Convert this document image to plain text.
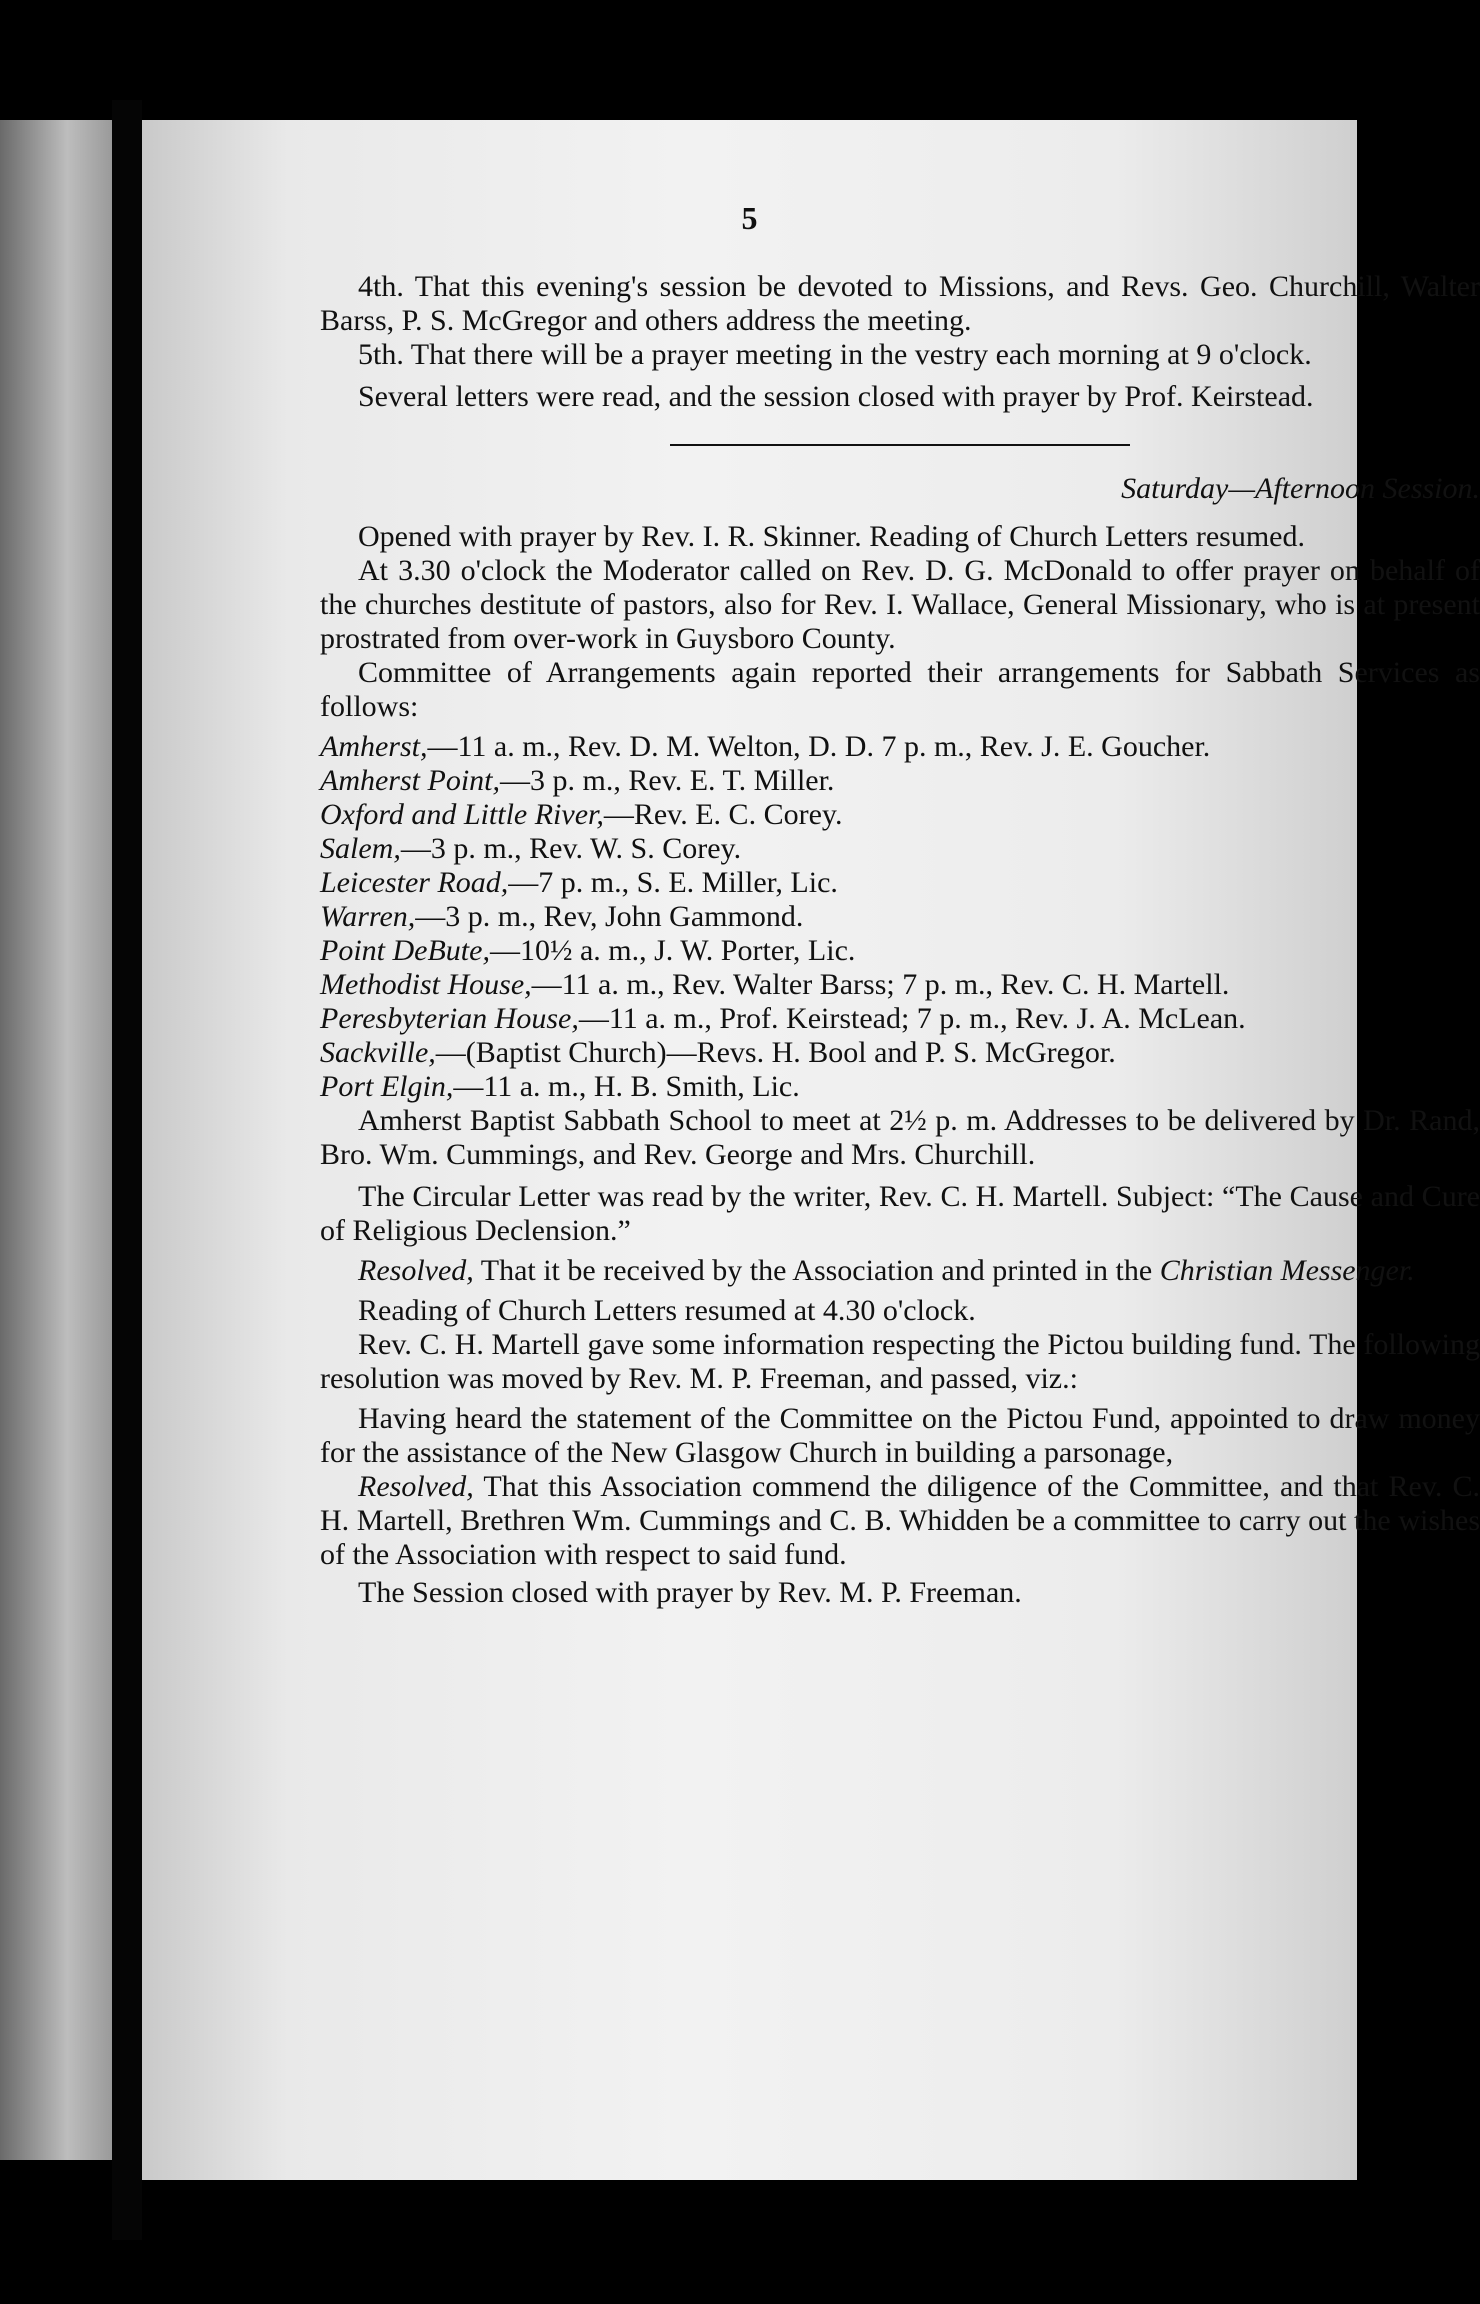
5

4th. That this evening's session be devoted to Missions, and Revs. Geo. Churchill, Walter Barss, P. S. McGregor and others address the meeting.

5th. That there will be a prayer meeting in the vestry each morning at 9 o'clock.

Several letters were read, and the session closed with prayer by Prof. Keirstead.

Saturday—Afternoon Session.

Opened with prayer by Rev. I. R. Skinner. Reading of Church Letters resumed.

At 3.30 o'clock the Moderator called on Rev. D. G. McDonald to offer prayer on behalf of the churches destitute of pastors, also for Rev. I. Wallace, General Missionary, who is at present prostrated from over-work in Guysboro County.

Committee of Arrangements again reported their arrangements for Sabbath Services as follows:

Amherst,—11 a. m., Rev. D. M. Welton, D. D. 7 p. m., Rev. J. E. Goucher.

Amherst Point,—3 p. m., Rev. E. T. Miller.

Oxford and Little River,—Rev. E. C. Corey.

Salem,—3 p. m., Rev. W. S. Corey.

Leicester Road,—7 p. m., S. E. Miller, Lic.

Warren,—3 p. m., Rev, John Gammond.

Point DeBute,—10½ a. m., J. W. Porter, Lic.

Methodist House,—11 a. m., Rev. Walter Barss; 7 p. m., Rev. C. H. Martell.

Peresbyterian House,—11 a. m., Prof. Keirstead; 7 p. m., Rev. J. A. McLean.

Sackville,—(Baptist Church)—Revs. H. Bool and P. S. McGregor.

Port Elgin,—11 a. m., H. B. Smith, Lic.

Amherst Baptist Sabbath School to meet at 2½ p. m. Addresses to be delivered by Dr. Rand, Bro. Wm. Cummings, and Rev. George and Mrs. Churchill.

The Circular Letter was read by the writer, Rev. C. H. Martell. Subject: “The Cause and Cure of Religious Declension.”

Resolved, That it be received by the Association and printed in the Christian Messenger.

Reading of Church Letters resumed at 4.30 o'clock.

Rev. C. H. Martell gave some information respecting the Pictou building fund. The following resolution was moved by Rev. M. P. Freeman, and passed, viz.:

Having heard the statement of the Committee on the Pictou Fund, appointed to draw money for the assistance of the New Glasgow Church in building a parsonage,

Resolved, That this Association commend the diligence of the Committee, and that Rev. C. H. Martell, Brethren Wm. Cummings and C. B. Whidden be a committee to carry out the wishes of the Association with respect to said fund.

The Session closed with prayer by Rev. M. P. Freeman.
